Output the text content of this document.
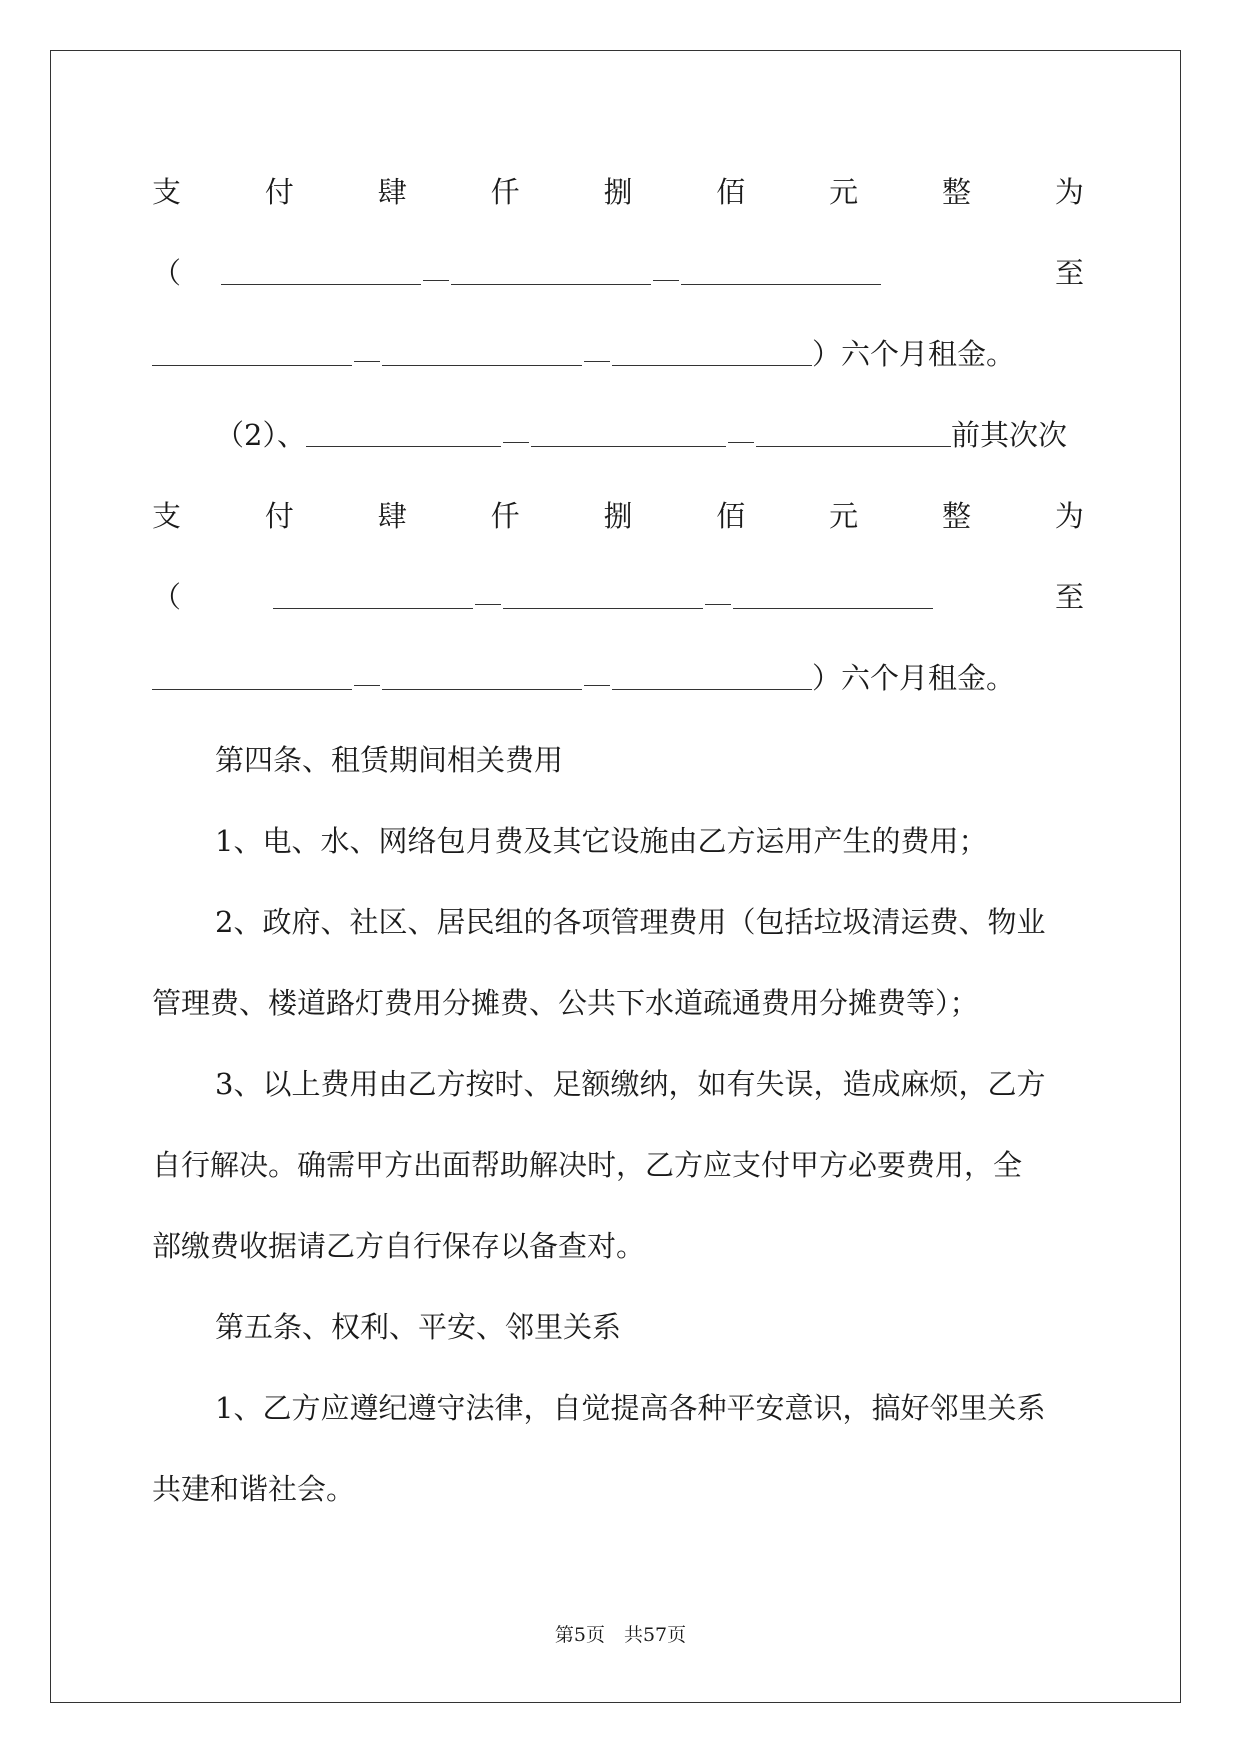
支	付	肆	仟	捌	佰	元	整	为
（	至
）六个月租金。
（2）、	前其次次
支	付	肆	仟	捌	佰	元	整	为
（	至
）六个月租金。
第四条、租赁期间相关费用
1、电、水、网络包月费及其它设施由乙方运用产生的费用；
2、政府、社区、居民组的各项管理费用（包括垃圾清运费、物业
管理费、楼道路灯费用分摊费、公共下水道疏通费用分摊费等）；
3、以上费用由乙方按时、足额缴纳，如有失误，造成麻烦，乙方
自行解决。确需甲方出面帮助解决时，乙方应支付甲方必要费用，全
部缴费收据请乙方自行保存以备查对。
第五条、权利、平安、邻里关系
1、乙方应遵纪遵守法律，自觉提高各种平安意识，搞好邻里关系
共建和谐社会。
第5页　共57页
